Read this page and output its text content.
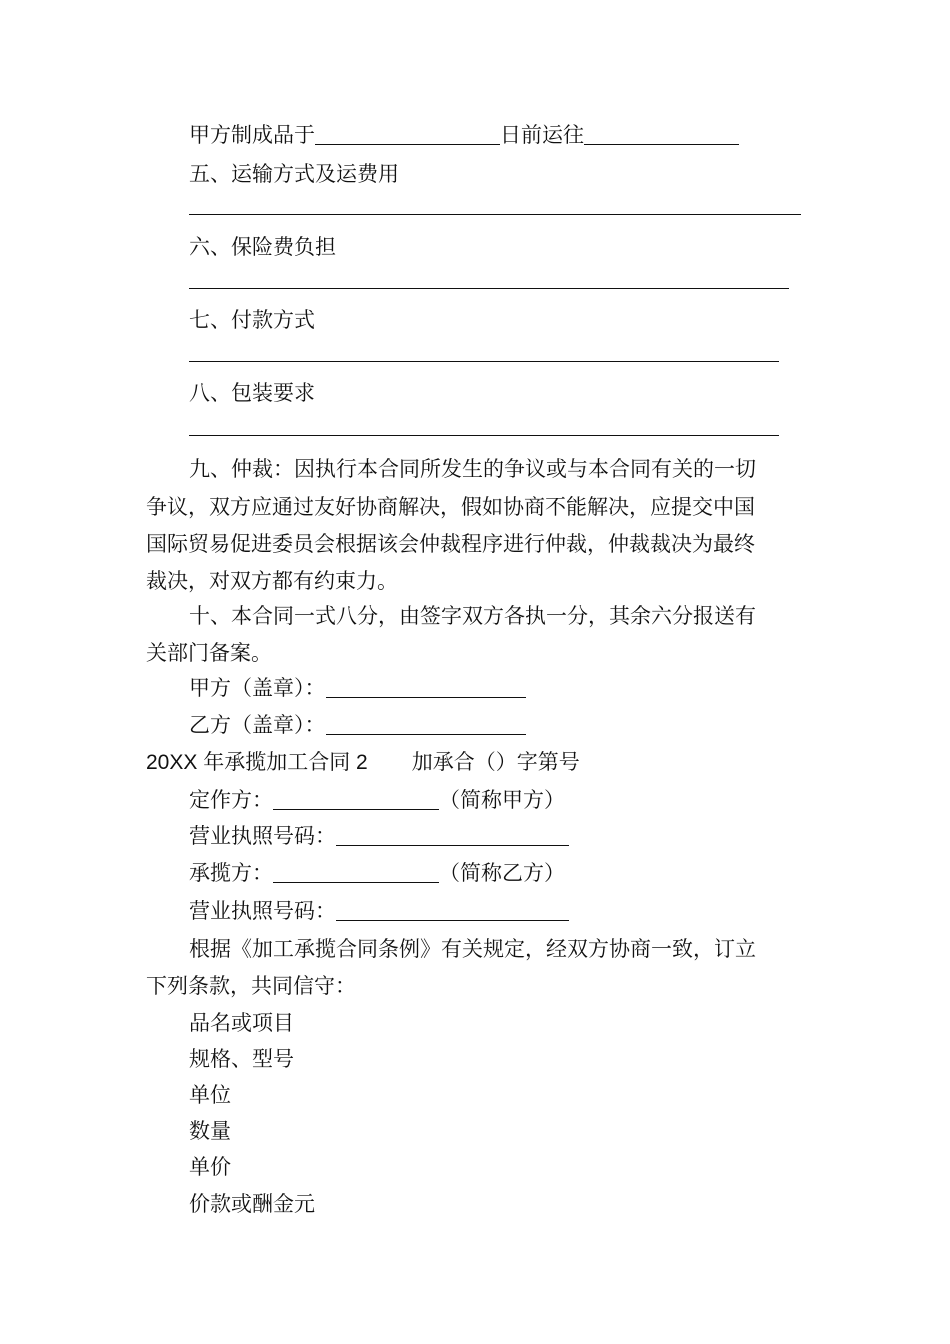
甲方制成品于	日前运往
五、运输方式及运费用
六、保险费负担
七、付款方式
八、包装要求
九、仲裁：因执行本合同所发生的争议或与本合同有关的一切
争议，双方应通过友好协商解决，假如协商不能解决，应提交中国
国际贸易促进委员会根据该会仲裁程序进行仲裁，仲裁裁决为最终
裁决，对双方都有约束力。
十、本合同一式八分，由签字双方各执一分，其余六分报送有
关部门备案。
甲方（盖章）：
乙方（盖章）：
20XX 年承揽加工合同 2 加承合（）字第号
定作方：	（简称甲方）
营业执照号码：
承揽方：	（简称乙方）
营业执照号码：
根据《加工承揽合同条例》有关规定，经双方协商一致，订立
下列条款，共同信守：
品名或项目
规格、型号
单位
数量
单价
价款或酬金元
